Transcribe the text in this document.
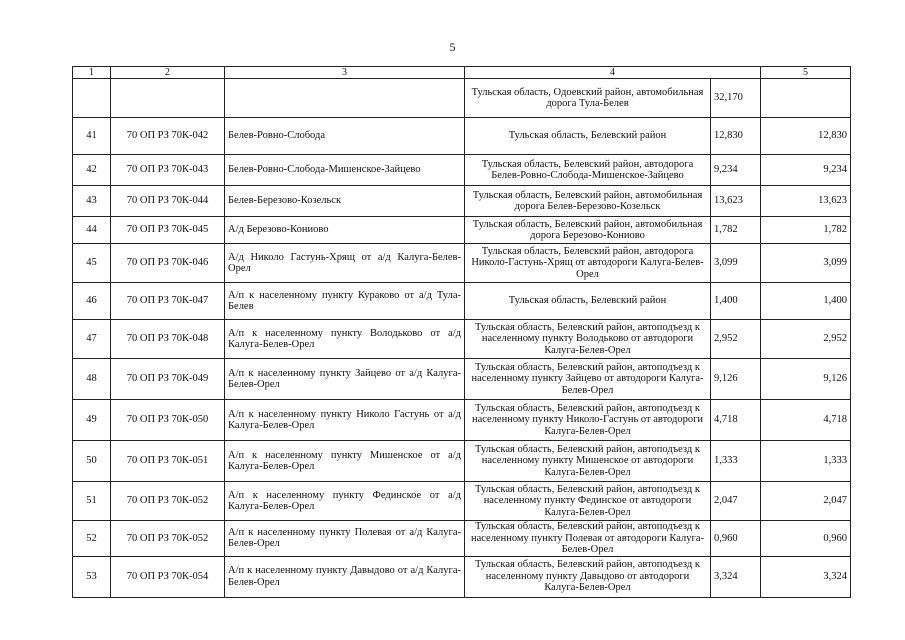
5
1	2	3	4		5
			Тульская область, Одоевский район, автомобильная дорога Тула-Белев	32,170	
41	70 ОП РЗ 70К-042	Белев-Ровно-Слобода	Тульская область, Белевский район	12,830	12,830
42	70 ОП РЗ 70К-043	Белев-Ровно-Слобода-Мишенское-Зайцево	Тульская область, Белевский район, автодорога Белев-Ровно-Слобода-Мишенское-Зайцево	9,234	9,234
43	70 ОП РЗ 70К-044	Белев-Березово-Козельск	Тульская область, Белевский район, автомобильная дорога Белев-Березово-Козельск	13,623	13,623
44	70 ОП РЗ 70К-045	А/д Березово-Кониово	Тульская область, Белевский район, автомобильная дорога Березово-Кониово	1,782	1,782
45	70 ОП РЗ 70К-046	А/д Николо Гастунь-Хрящ от а/д Калуга-Белев-Орел	Тульская область, Белевский район, автодорога Николо-Гастунь-Хрящ от автодороги Калуга-Белев-Орел	3,099	3,099
46	70 ОП РЗ 70К-047	А/п к населенному пункту Кураково от а/д Тула-Белев	Тульская область, Белевский район	1,400	1,400
47	70 ОП РЗ 70К-048	А/п к населенному пункту Володьково от а/д Калуга-Белев-Орел	Тульская область, Белевский район, автоподъезд к населенному пункту Володьково от автодороги Калуга-Белев-Орел	2,952	2,952
48	70 ОП РЗ 70К-049	А/п к населенному пункту Зайцево от а/д Калуга-Белев-Орел	Тульская область, Белевский район, автоподъезд к населенному пункту Зайцево от автодороги Калуга-Белев-Орел	9,126	9,126
49	70 ОП РЗ 70К-050	А/п к населенному пункту Николо Гастунь от а/д Калуга-Белев-Орел	Тульская область, Белевский район, автоподъезд к населенному пункту Николо-Гастунь от автодороги Калуга-Белев-Орел	4,718	4,718
50	70 ОП РЗ 70К-051	А/п к населенному пункту Мишенское от а/д Калуга-Белев-Орел	Тульская область, Белевский район, автоподъезд к населенному пункту Мишенское от автодороги Калуга-Белев-Орел	1,333	1,333
51	70 ОП РЗ 70К-052	А/п к населенному пункту Фединское от а/д Калуга-Белев-Орел	Тульская область, Белевский район, автоподъезд к населенному пункту Фединское от автодороги Калуга-Белев-Орел	2,047	2,047
52	70 ОП РЗ 70К-052	А/п к населенному пункту Полевая от а/д Калуга-Белев-Орел	Тульская область, Белевский район, автоподъезд к населенному пункту Полевая от автодороги Калуга-Белев-Орел	0,960	0,960
53	70 ОП РЗ 70К-054	А/п к населенному пункту Давыдово от а/д Калуга-Белев-Орел	Тульская область, Белевский район, автоподъезд к населенному пункту Давыдово от автодороги Калуга-Белев-Орел	3,324	3,324
